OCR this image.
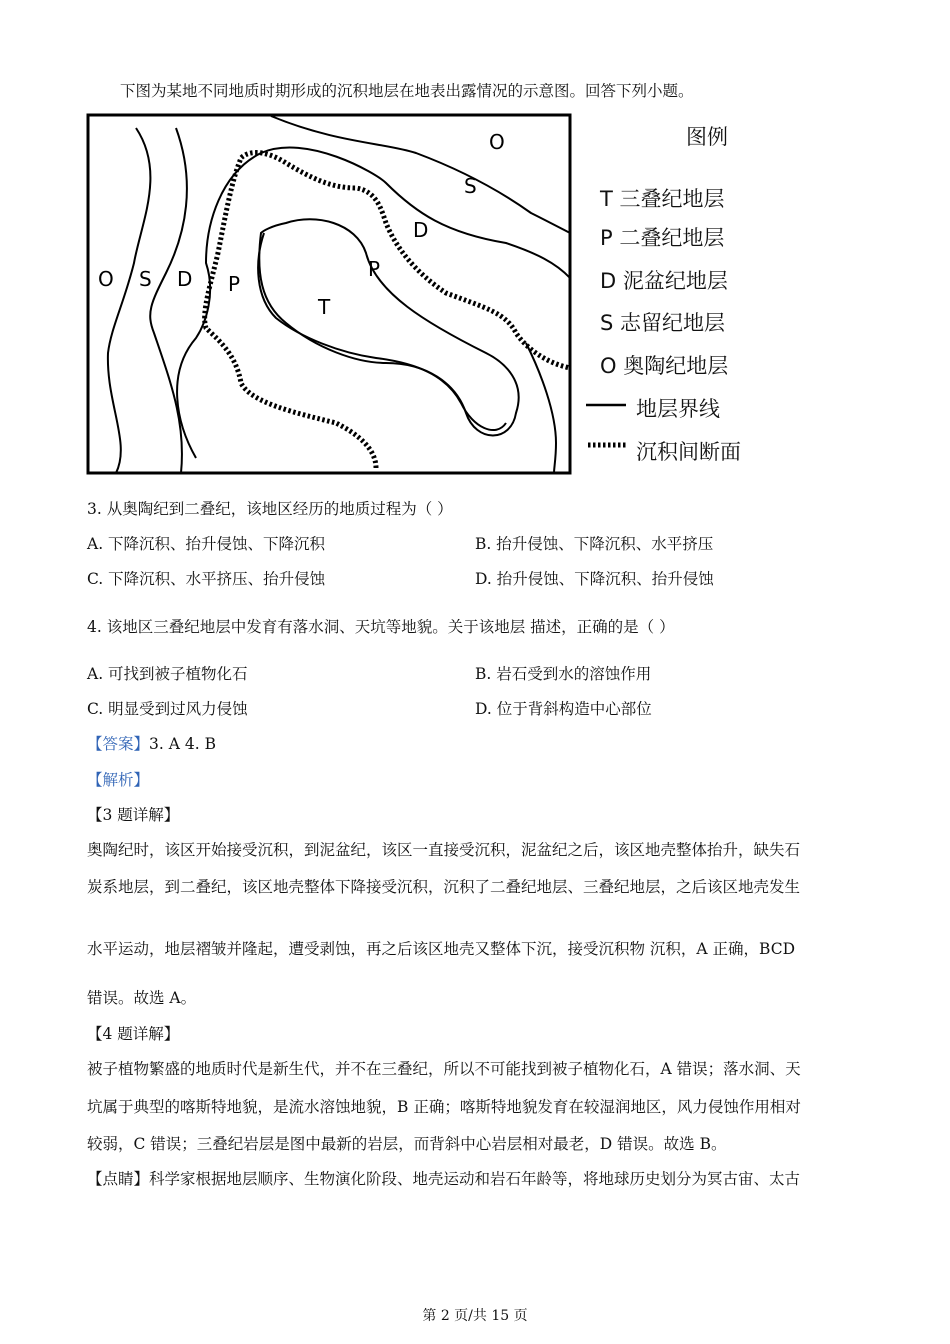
下图为某地不同地质时期形成的沉积地层在地表出露情况的示意图。回答下列小题。
O
S
D
P
T
O S D P
图例
T 三叠纪地层
P 二叠纪地层
D 泥盆纪地层
S 志留纪地层
O 奥陶纪地层
地层界线
沉积间断面
3. 从奥陶纪到二叠纪，该地区经历的地质过程为（ ）
A. 下降沉积、抬升侵蚀、下降沉积	B. 抬升侵蚀、下降沉积、水平挤压
C. 下降沉积、水平挤压、抬升侵蚀	D. 抬升侵蚀、下降沉积、抬升侵蚀
4. 该地区三叠纪地层中发育有落水洞、天坑等地貌。关于该地层 描述，正确的是（ ）
A. 可找到被子植物化石	B. 岩石受到水的溶蚀作用
C. 明显受到过风力侵蚀	D. 位于背斜构造中心部位
【答案】3. A 4. B
【解析】
【3 题详解】
奥陶纪时，该区开始接受沉积，到泥盆纪，该区一直接受沉积，泥盆纪之后，该区地壳整体抬升，缺失石
炭系地层，到二叠纪，该区地壳整体下降接受沉积，沉积了二叠纪地层、三叠纪地层，之后该区地壳发生
水平运动，地层褶皱并隆起，遭受剥蚀，再之后该区地壳又整体下沉，接受沉积物 沉积，A 正确，BCD
错误。故选 A。
【4 题详解】
被子植物繁盛的地质时代是新生代，并不在三叠纪，所以不可能找到被子植物化石，A 错误；落水洞、天
坑属于典型的喀斯特地貌，是流水溶蚀地貌，B 正确；喀斯特地貌发育在较湿润地区，风力侵蚀作用相对
较弱，C 错误；三叠纪岩层是图中最新的岩层，而背斜中心岩层相对最老，D 错误。故选 B。
【点睛】科学家根据地层顺序、生物演化阶段、地壳运动和岩石年龄等，将地球历史划分为冥古宙、太古
第 2 页/共 15 页
